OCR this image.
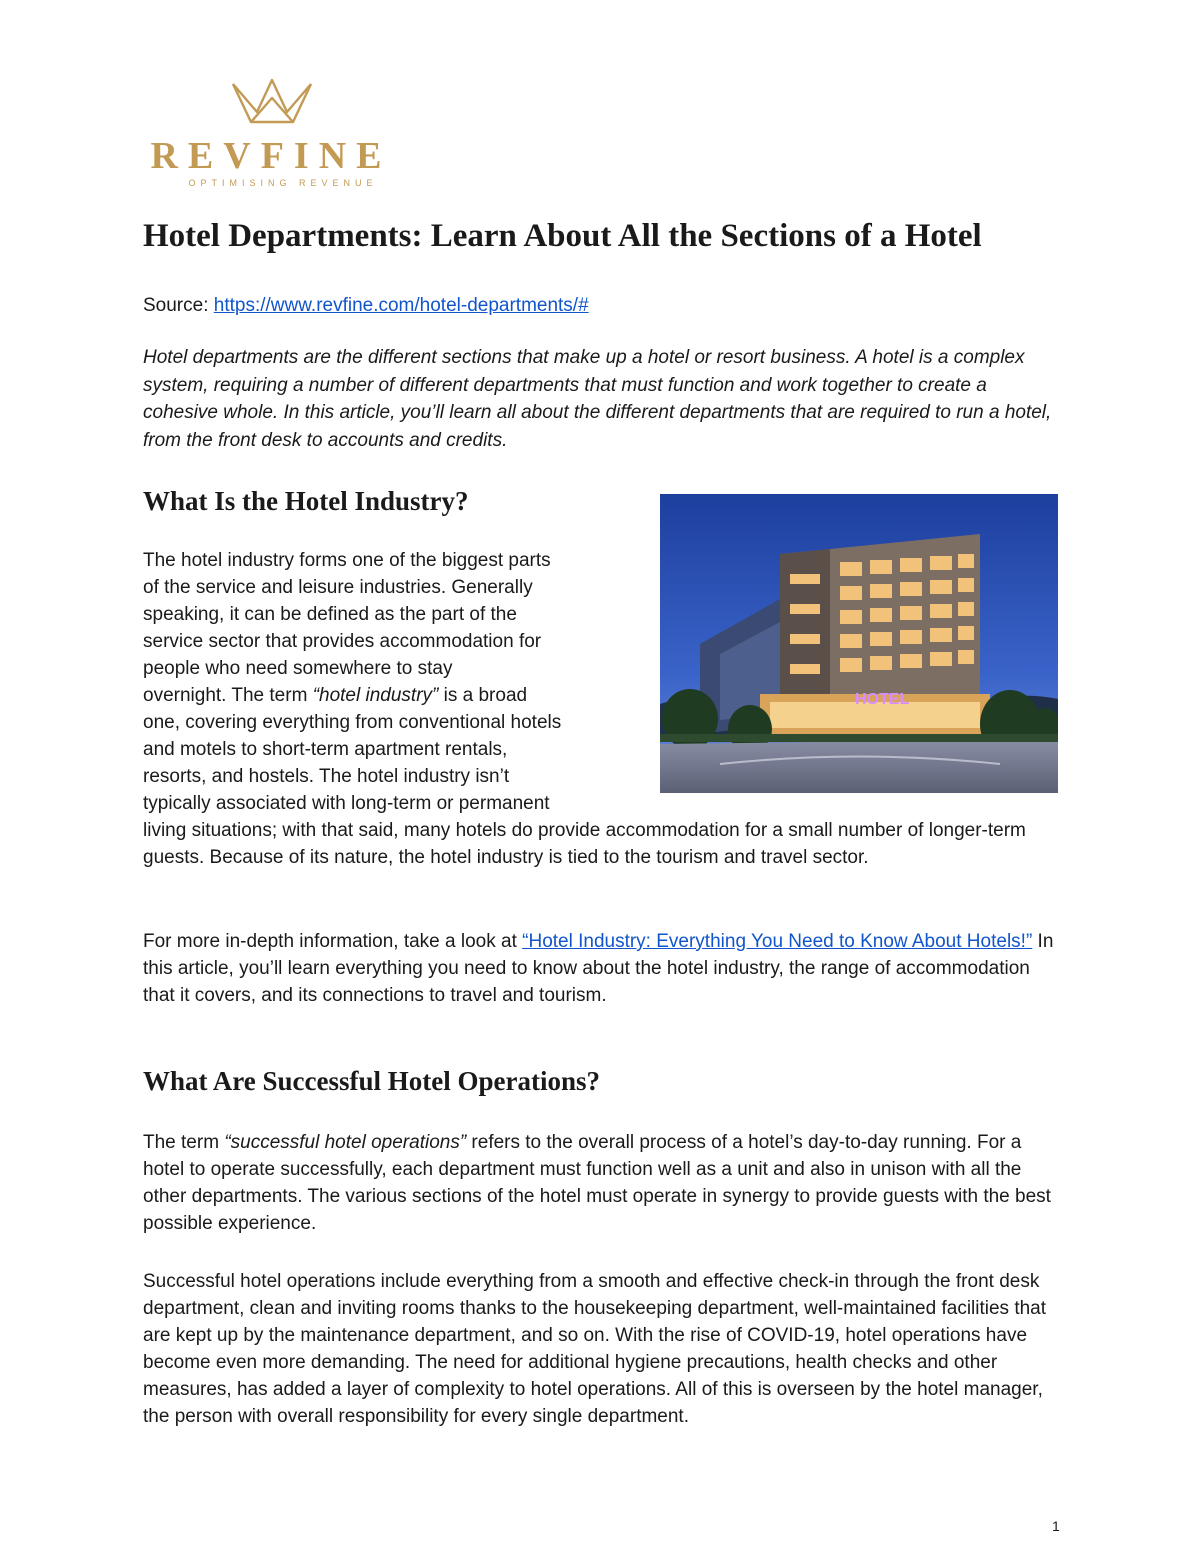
REVFINE
OPTIMISING REVENUE
Hotel Departments: Learn About All the Sections of a Hotel
Source: https://www.revfine.com/hotel-departments/#

Hotel departments are the different sections that make up a hotel or resort business. A hotel is a complex system, requiring a number of different departments that must function and work together to create a cohesive whole. In this article, you’ll learn all about the different departments that are required to run a hotel, from the front desk to accounts and credits.

What Is the Hotel Industry?
HOTEL
The hotel industry forms one of the biggest parts
of the service and leisure industries. Generally
speaking, it can be defined as the part of the
service sector that provides accommodation for
people who need somewhere to stay
overnight. The term “hotel industry” is a broad
one, covering everything from conventional hotels
and motels to short-term apartment rentals,
resorts, and hostels. The hotel industry isn’t
typically associated with long-term or permanent
living situations; with that said, many hotels do provide accommodation for a small number of longer-term guests. Because of its nature, the hotel industry is tied to the tourism and travel sector.

For more in-depth information, take a look at “Hotel Industry: Everything You Need to Know About Hotels!” In this article, you’ll learn everything you need to know about the hotel industry, the range of accommodation that it covers, and its connections to travel and tourism.

What Are Successful Hotel Operations?

The term “successful hotel operations” refers to the overall process of a hotel’s day-to-day running. For a hotel to operate successfully, each department must function well as a unit and also in unison with all the other departments. The various sections of the hotel must operate in synergy to provide guests with the best possible experience.

Successful hotel operations include everything from a smooth and effective check-in through the front desk department, clean and inviting rooms thanks to the housekeeping department, well-maintained facilities that are kept up by the maintenance department, and so on. With the rise of COVID-19, hotel operations have become even more demanding. The need for additional hygiene precautions, health checks and other measures, has added a layer of complexity to hotel operations. All of this is overseen by the hotel manager, the person with overall responsibility for every single department.

1
